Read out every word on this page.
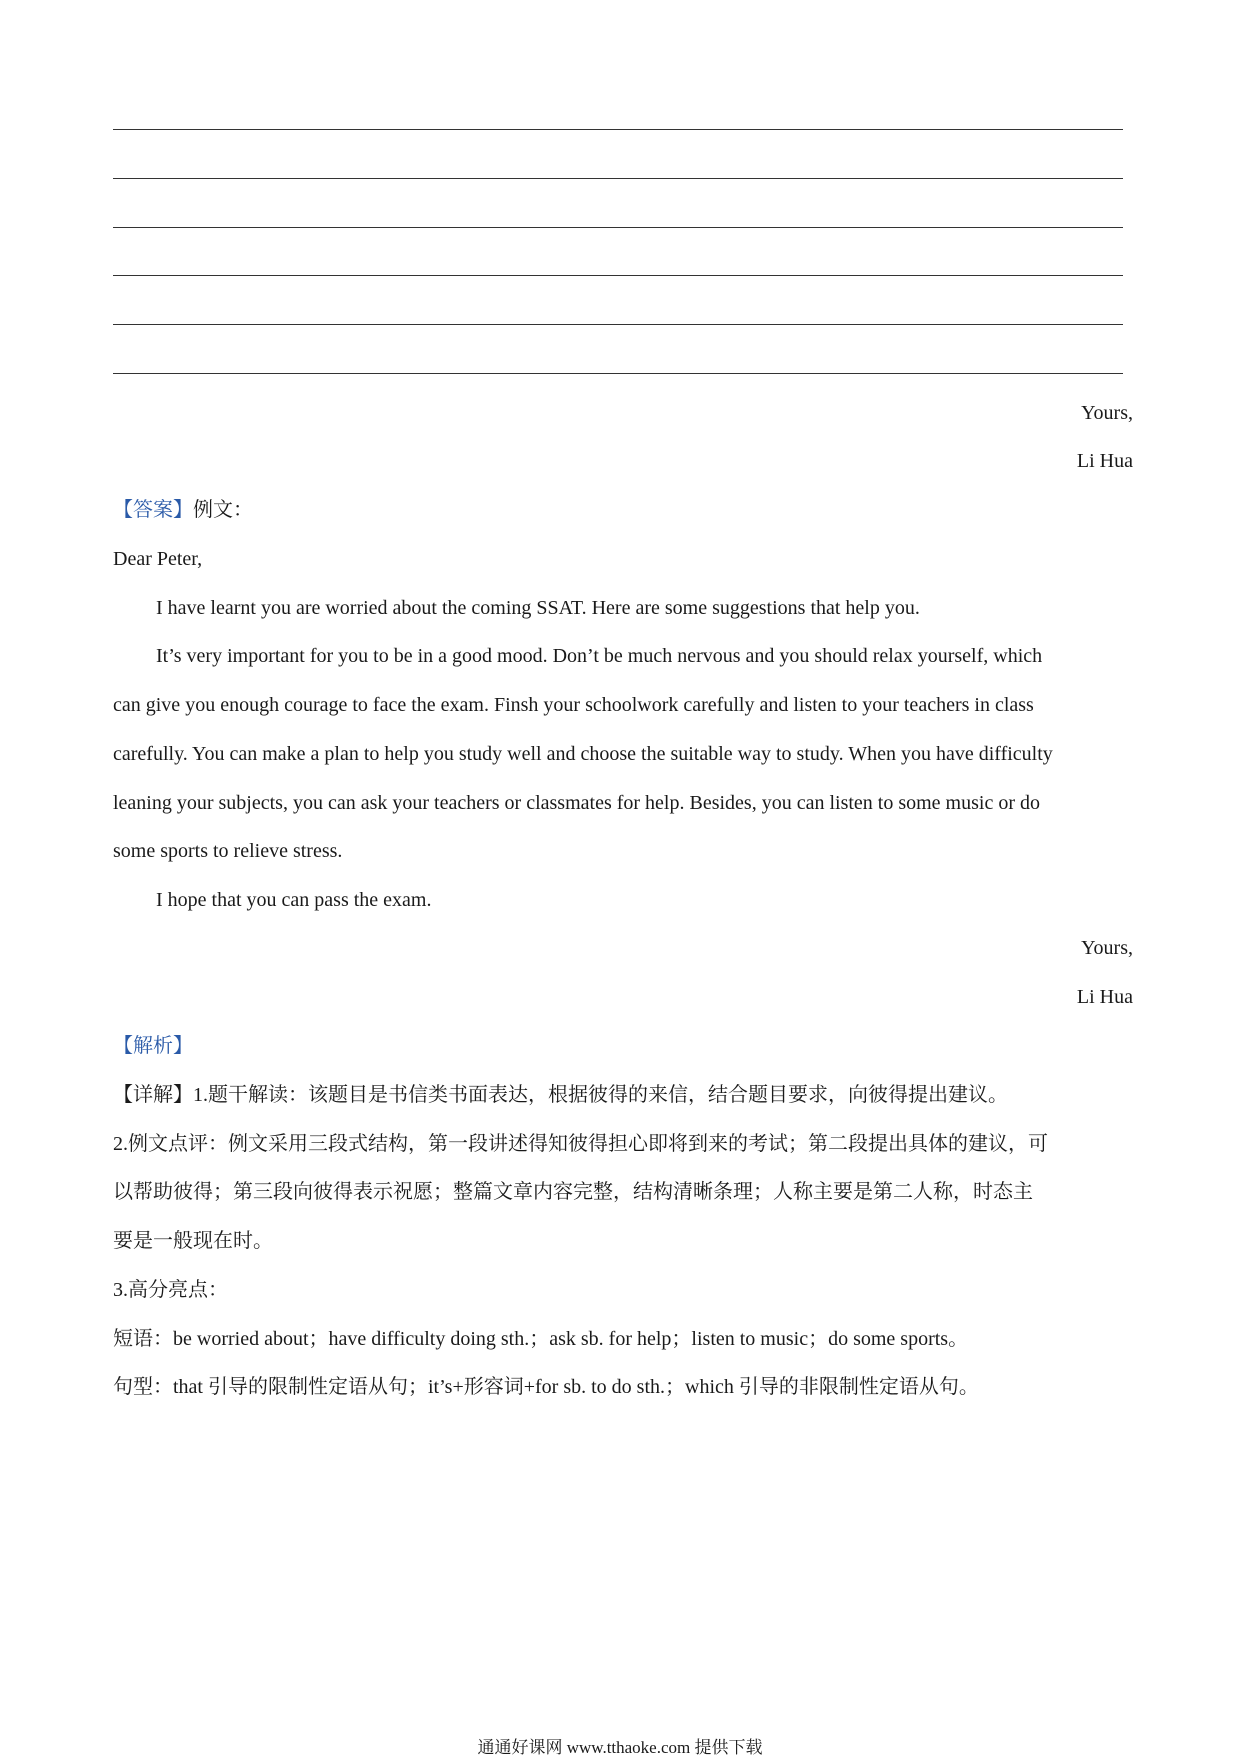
Yours,
Li Hua
【答案】例文：
Dear Peter,
I have learnt you are worried about the coming SSAT. Here are some suggestions that help you.
It’s very important for you to be in a good mood. Don’t be much nervous and you should relax yourself, which
can give you enough courage to face the exam. Finsh your schoolwork carefully and listen to your teachers in class
carefully. You can make a plan to help you study well and choose the suitable way to study. When you have difficulty
leaning your subjects, you can ask your teachers or classmates for help. Besides, you can listen to some music or do
some sports to relieve stress.
I hope that you can pass the exam.
Yours,
Li Hua
【解析】
【详解】1.题干解读：该题目是书信类书面表达，根据彼得的来信，结合题目要求，向彼得提出建议。
2.例文点评：例文采用三段式结构，第一段讲述得知彼得担心即将到来的考试；第二段提出具体的建议，可
以帮助彼得；第三段向彼得表示祝愿；整篇文章内容完整，结构清晰条理；人称主要是第二人称，时态主
要是一般现在时。
3.高分亮点：
短语：be worried about；have difficulty doing sth.；ask sb. for help；listen to music；do some sports。
句型：that 引导的限制性定语从句；it’s+形容词+for sb. to do sth.；which 引导的非限制性定语从句。
通通好课网 www.tthaoke.com 提供下载
